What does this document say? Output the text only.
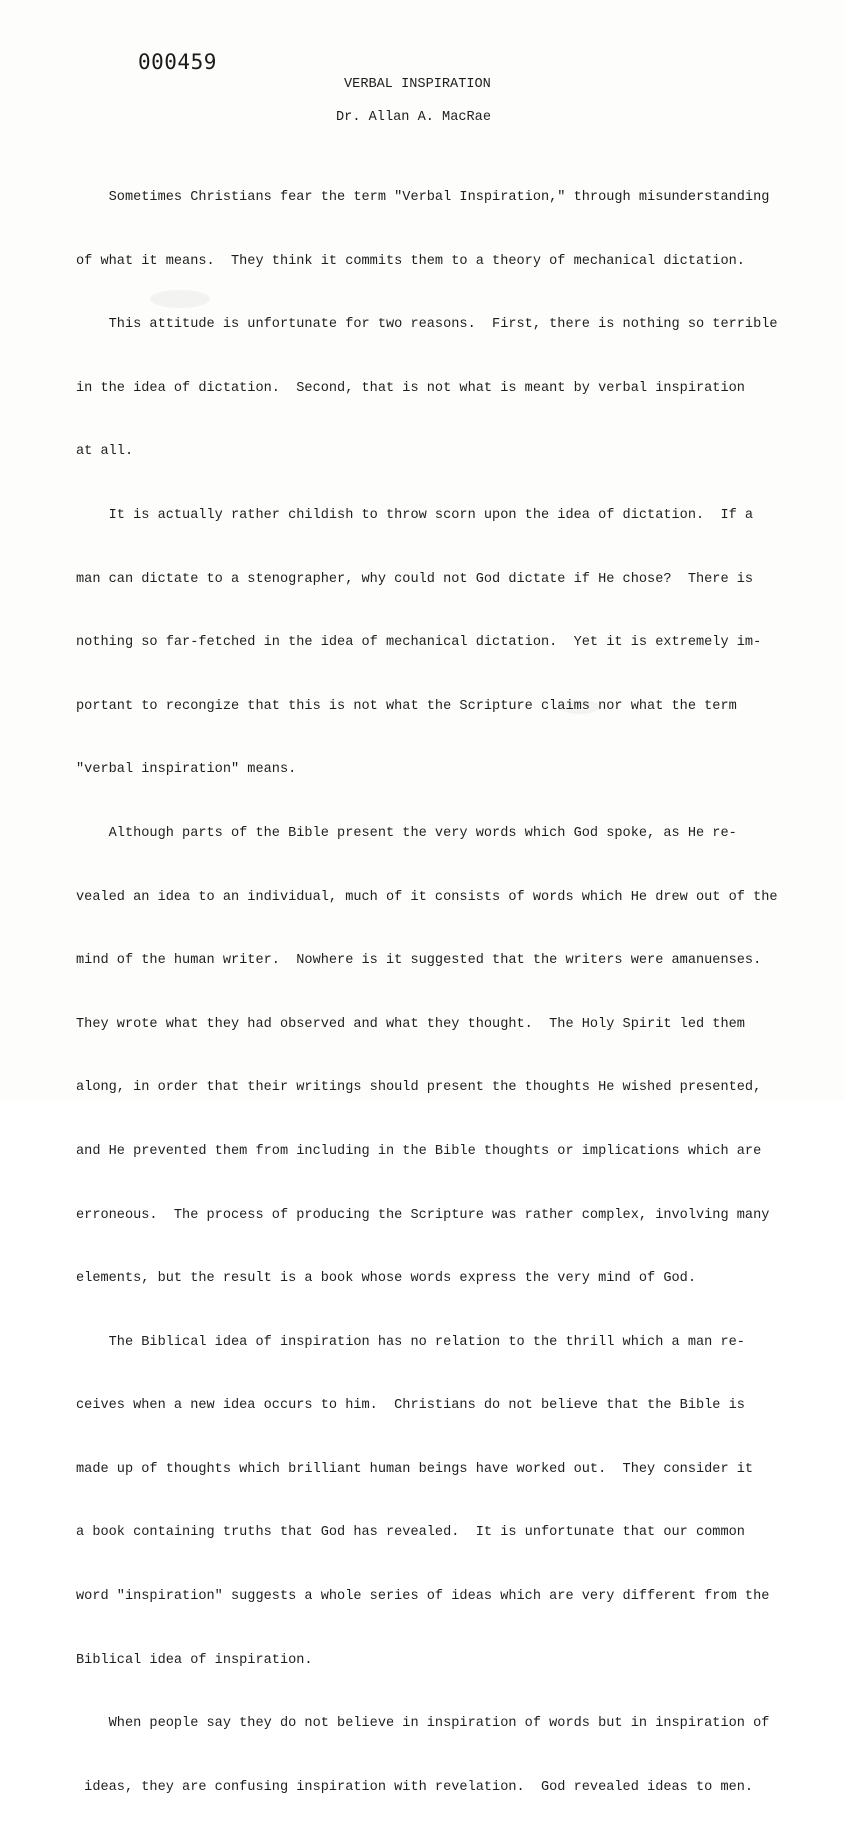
000459
VERBAL INSPIRATION
Dr. Allan A. MacRae

Sometimes Christians fear the term "Verbal Inspiration," through misunderstanding

of what it means.  They think it commits them to a theory of mechanical dictation.

This attitude is unfortunate for two reasons.  First, there is nothing so terrible

in the idea of dictation.  Second, that is not what is meant by verbal inspiration

at all.

It is actually rather childish to throw scorn upon the idea of dictation.  If a

man can dictate to a stenographer, why could not God dictate if He chose?  There is

nothing so far-fetched in the idea of mechanical dictation.  Yet it is extremely im-

portant to recongize that this is not what the Scripture claims nor what the term

"verbal inspiration" means.

Although parts of the Bible present the very words which God spoke, as He re-

vealed an idea to an individual, much of it consists of words which He drew out of the

mind of the human writer.  Nowhere is it suggested that the writers were amanuenses.

They wrote what they had observed and what they thought.  The Holy Spirit led them

along, in order that their writings should present the thoughts He wished presented,

and He prevented them from including in the Bible thoughts or implications which are

erroneous.  The process of producing the Scripture was rather complex, involving many

elements, but the result is a book whose words express the very mind of God.

The Biblical idea of inspiration has no relation to the thrill which a man re-

ceives when a new idea occurs to him.  Christians do not believe that the Bible is

made up of thoughts which brilliant human beings have worked out.  They consider it

a book containing truths that God has revealed.  It is unfortunate that our common

word "inspiration" suggests a whole series of ideas which are very different from the

Biblical idea of inspiration.

When people say they do not believe in inspiration of words but in inspiration of

ideas, they are confusing inspiration with revelation.  God revealed ideas to men.
